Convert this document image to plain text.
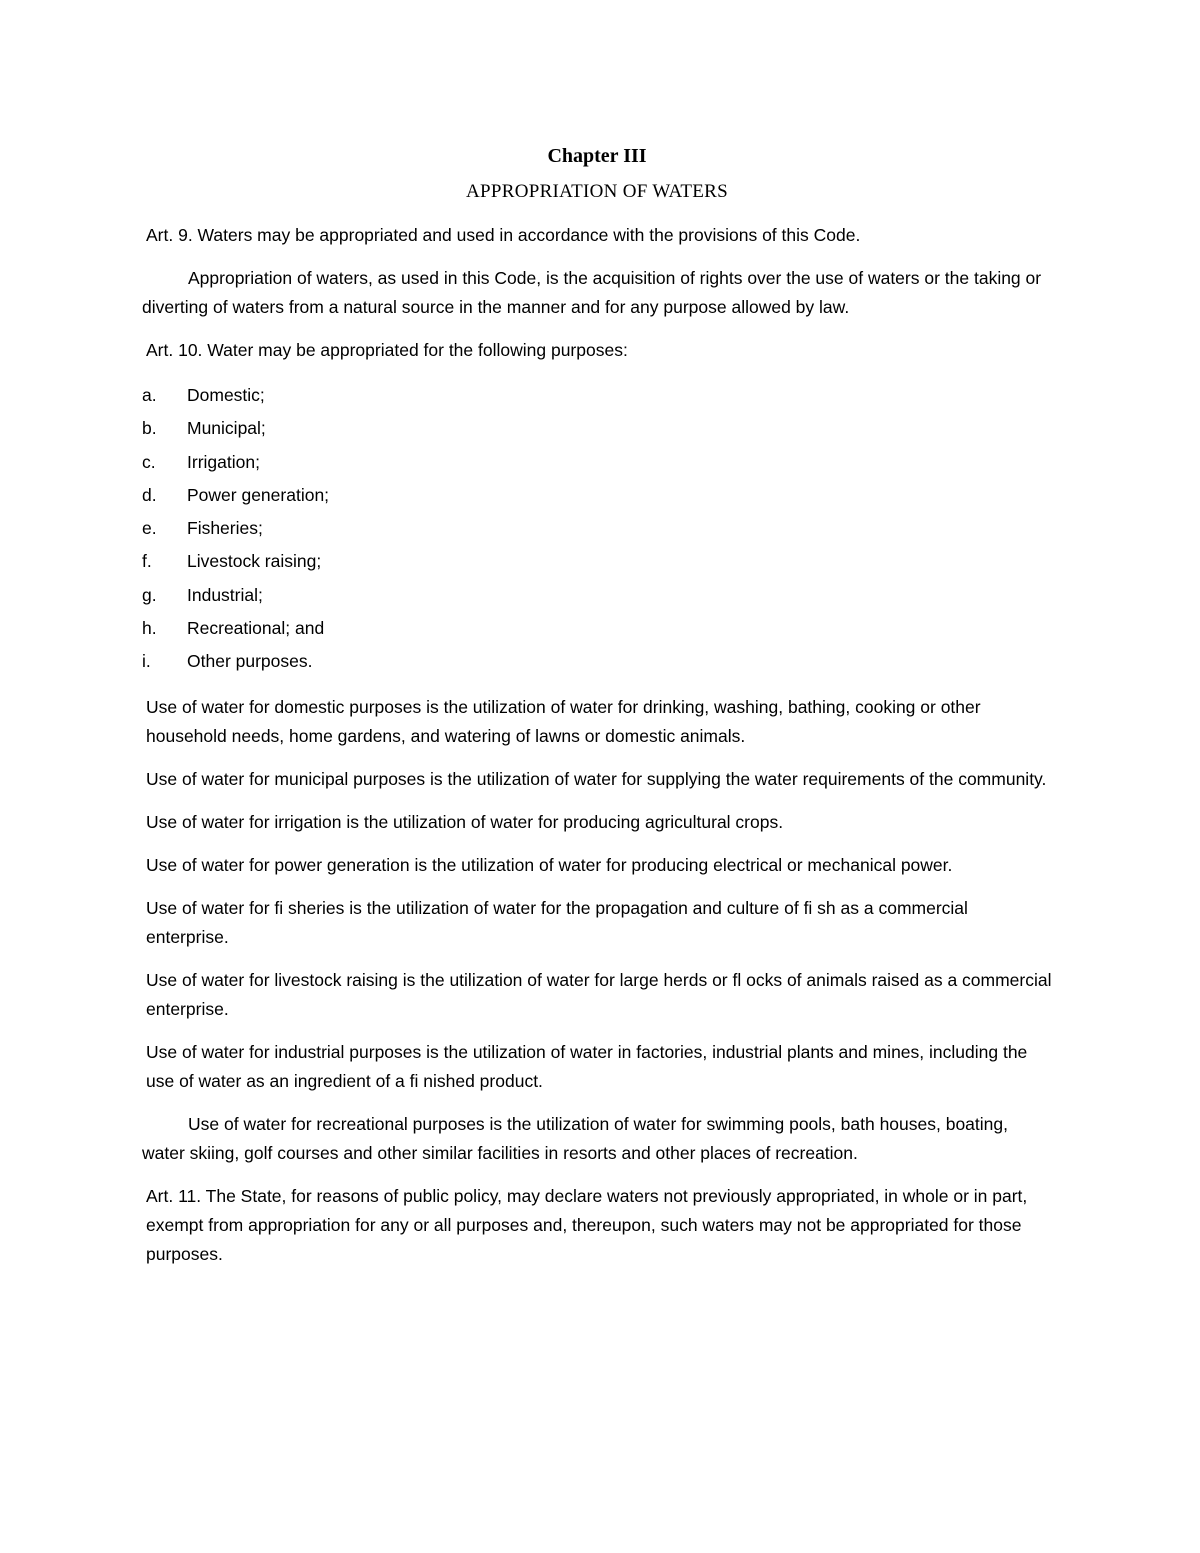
Chapter III

APPROPRIATION OF WATERS

Art. 9. Waters may be appropriated and used in accordance with the provisions of this Code.

Appropriation of waters, as used in this Code, is the acquisition of rights over the use of waters or the taking or diverting of waters from a natural source in the manner and for any purpose allowed by law.

Art. 10. Water may be appropriated for the following purposes:

a.	Domestic;
b.	Municipal;
c.	Irrigation;
d.	Power generation;
e.	Fisheries;
f.	Livestock raising;
g.	Industrial;
h.	Recreational; and
i.	Other purposes.

Use of water for domestic purposes is the utilization of water for drinking, washing, bathing, cooking or other household needs, home gardens, and watering of lawns or domestic animals.

Use of water for municipal purposes is the utilization of water for supplying the water requirements of the community.

Use of water for irrigation is the utilization of water for producing agricultural crops.

Use of water for power generation is the utilization of water for producing electrical or mechanical power.

Use of water for fi sheries is the utilization of water for the propagation and culture of fi sh as a commercial enterprise.

Use of water for livestock raising is the utilization of water for large herds or fl ocks of animals raised as a commercial enterprise.

Use of water for industrial purposes is the utilization of water in factories, industrial plants and mines, including the use of water as an ingredient of a fi nished product.

Use of water for recreational purposes is the utilization of water for swimming pools, bath houses, boating, water skiing, golf courses and other similar facilities in resorts and other places of recreation.

Art. 11. The State, for reasons of public policy, may declare waters not previously appropriated, in whole or in part, exempt from appropriation for any or all purposes and, thereupon, such waters may not be appropriated for those purposes.
